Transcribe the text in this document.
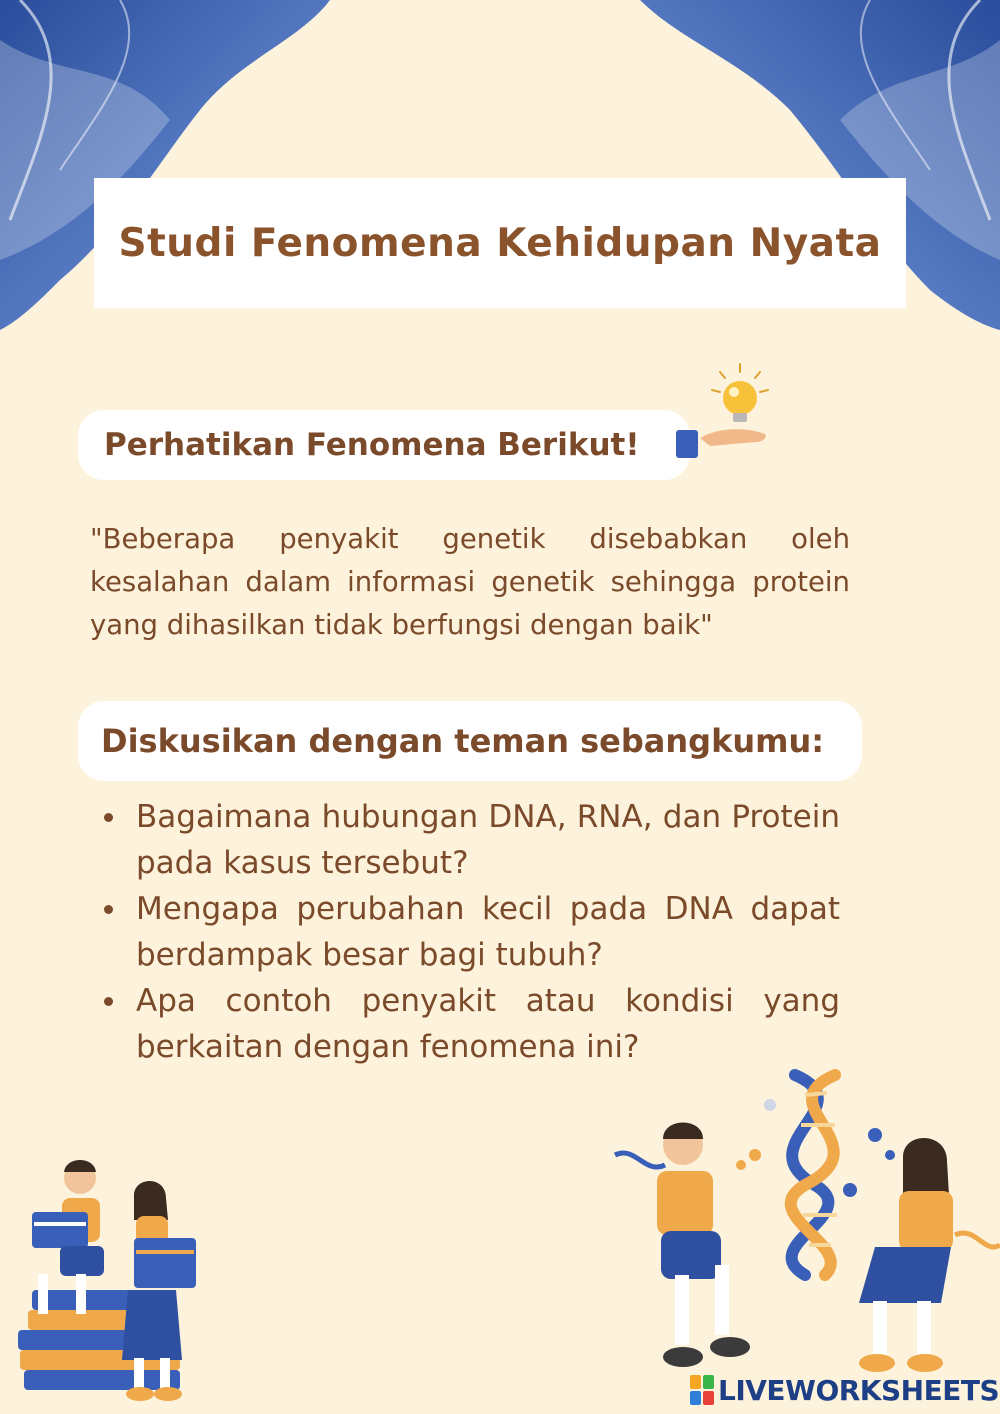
Studi Fenomena Kehidupan Nyata
Perhatikan Fenomena Berikut!
"Beberapa penyakit genetik disebabkan oleh kesalahan dalam informasi genetik sehingga protein yang dihasilkan tidak berfungsi dengan baik"
Diskusikan dengan teman sebangkumu:
Bagaimana hubungan DNA, RNA, dan Protein pada kasus tersebut?
Mengapa perubahan kecil pada DNA dapat berdampak besar bagi tubuh?
Apa contoh penyakit atau kondisi yang berkaitan dengan fenomena ini?
LIVEWORKSHEETS
